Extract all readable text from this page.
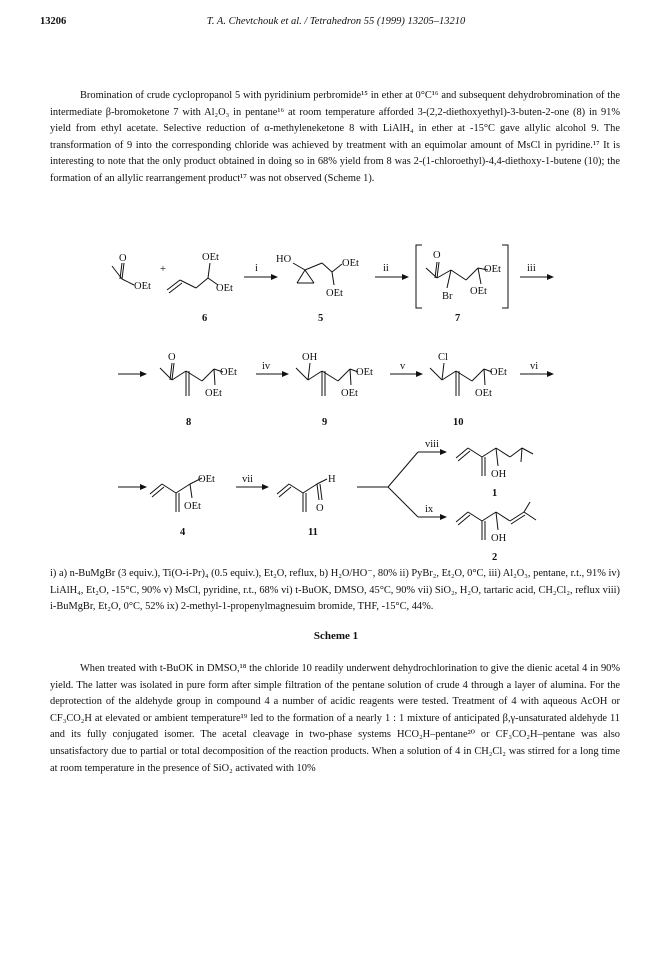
13206	T. A. Chevtchouk et al. / Tetrahedron 55 (1999) 13205–13210

Bromination of crude cyclopropanol 5 with pyridinium perbromide¹⁵ in ether at 0°C¹⁶ and subsequent dehydrobromination of the intermediate β-bromoketone 7 with Al₂O₃ in pentane¹⁶ at room temperature afforded 3-(2,2-diethoxyethyl)-3-buten-2-one (8) in 91% yield from ethyl acetate. Selective reduction of α-methyleneketone 8 with LiAlH₄ in ether at -15°C gave allylic alcohol 9. The transformation of 9 into the corresponding chloride was achieved by treatment with an equimolar amount of MsCl in pyridine.¹⁷ It is interesting to note that the only product obtained in doing so in 68% yield from 8 was 2-(1-chloroethyl)-4,4-diethoxy-1-butene (10); the formation of an allylic rearrangement product¹⁷ was not observed (Scheme 1).

O
OEt
+
OEt
OEt
6
i
HO	OEt
OEt
5
ii
O
Br
OEt
OEt
7
iii
O
OEt
OEt
8
iv
OH
OEt
OEt
9
v
Cl
OEt
OEt
10
vi
OEt
OEt
4
vii	H
O
11
viii
ix
OH
1
OH
2
i) a) n-BuMgBr (3 equiv.), Ti(O-i-Pr)₄ (0.5 equiv.), Et₂O, reflux, b) H₂O/HO⁻, 80% ii) PyBr₂, Et₂O, 0°C, iii) Al₂O₃, pentane, r.t., 91% iv) LiAlH₄, Et₂O, -15°C, 90% v) MsCl, pyridine, r.t., 68% vi) t-BuOK, DMSO, 45°C, 90% vii) SiO₂, H₂O, tartaric acid, CH₂Cl₂, reflux viii) i-BuMgBr, Et₂O, 0°C, 52% ix) 2-methyl-1-propenylmagnesuim bromide, THF, -15°C, 44%.
Scheme 1

When treated with t-BuOK in DMSO,¹⁸ the chloride 10 readily underwent dehydrochlorination to give the dienic acetal 4 in 90% yield. The latter was isolated in pure form after simple filtration of the pentane solution of crude 4 through a layer of alumina. For the deprotection of the aldehyde group in compound 4 a number of acidic reagents were tested. Treatment of 4 with aqueous AcOH or CF₃CO₂H at elevated or ambient temperature¹⁹ led to the formation of a nearly 1 : 1 mixture of anticipated β,γ-unsaturated aldehyde 11 and its fully conjugated isomer. The acetal cleavage in two-phase systems HCO₂H–pentane²⁰ or CF₃CO₂H–pentane was also unsatisfactory due to partial or total decomposition of the reaction products. When a solution of 4 in CH₂Cl₂ was stirred for a long time at room temperature in the presence of SiO₂ activated with 10%
